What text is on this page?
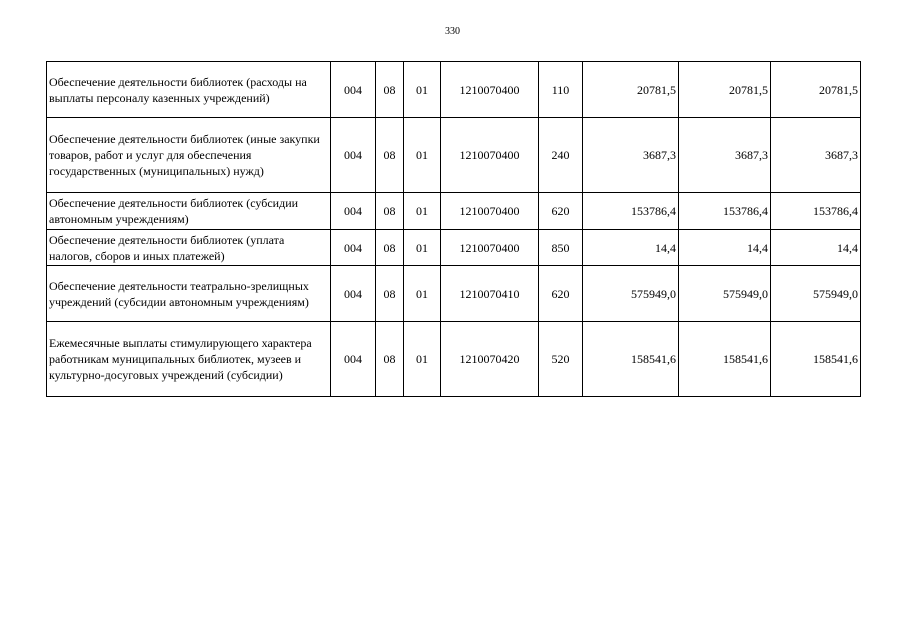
330
Обеспечение деятельности библиотек (расходы на выплаты персоналу казенных учреждений)	004	08	01	1210070400	110	20781,5	20781,5	20781,5
Обеспечение деятельности библиотек (иные закупки товаров, работ и услуг для обеспечения государственных (муниципальных) нужд)	004	08	01	1210070400	240	3687,3	3687,3	3687,3
Обеспечение деятельности библиотек (субсидии автономным учреждениям)	004	08	01	1210070400	620	153786,4	153786,4	153786,4
Обеспечение деятельности библиотек (уплата налогов, сборов и иных платежей)	004	08	01	1210070400	850	14,4	14,4	14,4
Обеспечение деятельности театрально-зрелищных учреждений (субсидии автономным учреждениям)	004	08	01	1210070410	620	575949,0	575949,0	575949,0
Ежемесячные выплаты стимулирующего характера работникам муниципальных библиотек, музеев и культурно-досуговых учреждений (субсидии)	004	08	01	1210070420	520	158541,6	158541,6	158541,6
